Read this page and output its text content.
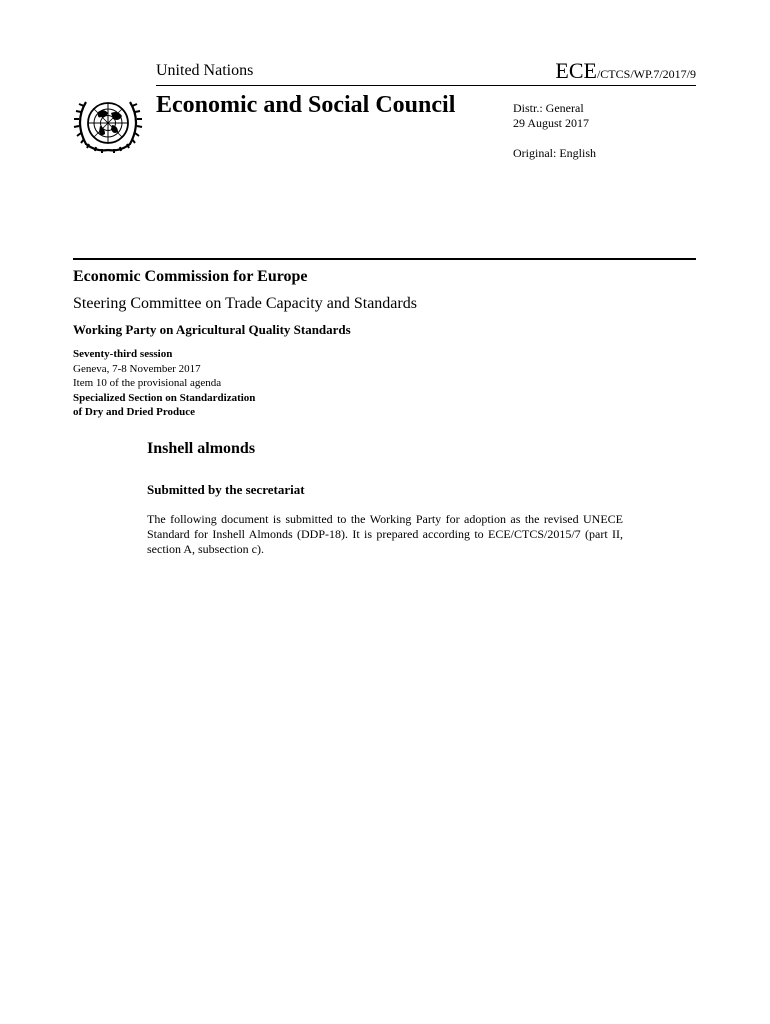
United Nations	ECE/CTCS/WP.7/2017/9
Economic and Social Council	Distr.: General
29 August 2017
Original: English
Economic Commission for Europe
Steering Committee on Trade Capacity and Standards
Working Party on Agricultural Quality Standards
Seventy-third session
Geneva, 7-8 November 2017
Item 10 of the provisional agenda
Specialized Section on Standardization
of Dry and Dried Produce
Inshell almonds
Submitted by the secretariat
The following document is submitted to the Working Party for adoption as the revised UNECE Standard for Inshell Almonds (DDP-18). It is prepared according to ECE/CTCS/2015/7 (part II, section A, subsection c).
